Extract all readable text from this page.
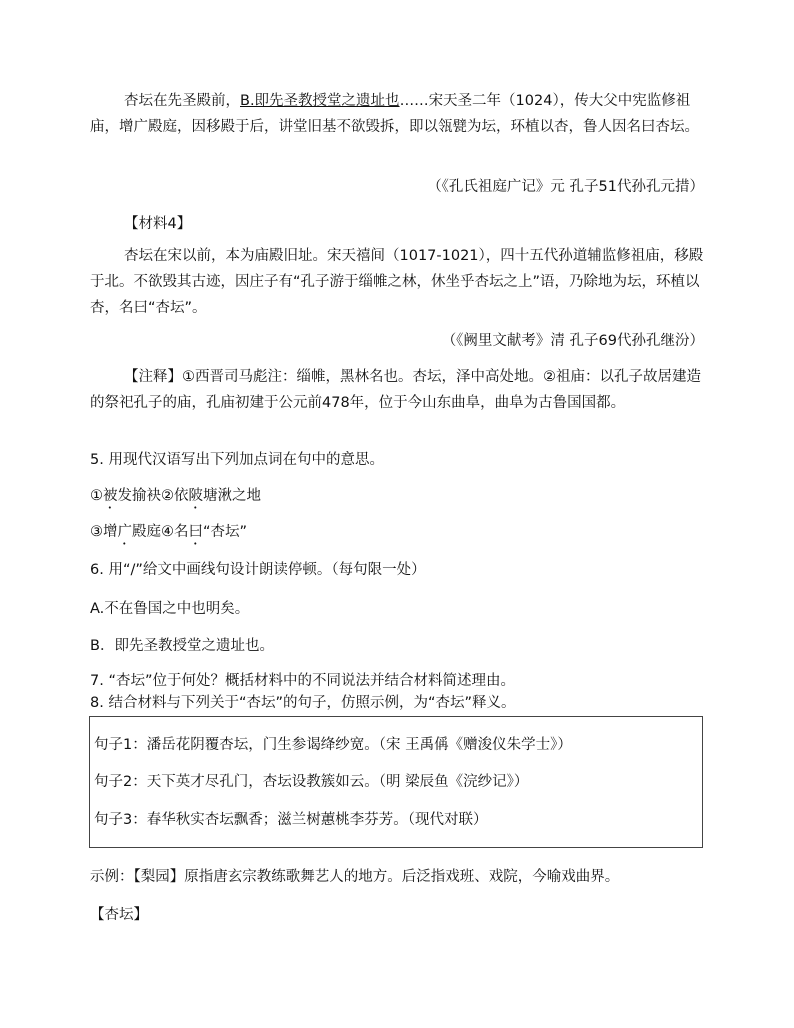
杏坛在先圣殿前，B.即先圣教授堂之遗址也……宋天圣二年（1024），传大父中宪监修祖庙，增广殿庭，因移殿于后，讲堂旧基不欲毁拆，即以瓴甓为坛，环植以杏，鲁人因名曰杏坛。

（《孔氏祖庭广记》元 孔子51代孙孔元措）

【材料4】

杏坛在宋以前，本为庙殿旧址。宋天禧间（1017-1021），四十五代孙道辅监修祖庙，移殿于北。不欲毁其古迹，因庄子有“孔子游于缁帷之林，休坐乎杏坛之上”语，乃除地为坛，环植以杏，名曰“杏坛”。

（《阙里文献考》清 孔子69代孙孔继汾）

【注释】①西晋司马彪注：缁帷，黑林名也。杏坛，泽中高处地。②祖庙：以孔子故居建造的祭祀孔子的庙，孔庙初建于公元前478年，位于今山东曲阜，曲阜为古鲁国国都。

5. 用现代汉语写出下列加点词在句中的意思。

①被发揄袂②依陂塘湫之地

③增广殿庭④名曰“杏坛”

6. 用“/”给文中画线句设计朗读停顿。（每句限一处）

A.不在鲁国之中也明矣。

B．即先圣教授堂之遗址也。

7. “杏坛”位于何处？概括材料中的不同说法并结合材料简述理由。

8. 结合材料与下列关于“杏坛”的句子，仿照示例，为“杏坛”释义。

句子1：潘岳花阴覆杏坛，门生参谒绛纱宽。（宋 王禹偁《赠浚仪朱学士》）
句子2：天下英才尽孔门，杏坛设教簇如云。（明 梁辰鱼《浣纱记》）
句子3：春华秋实杏坛飘香；滋兰树蕙桃李芬芳。（现代对联）

示例：【梨园】原指唐玄宗教练歌舞艺人的地方。后泛指戏班、戏院，今喻戏曲界。

【杏坛】
